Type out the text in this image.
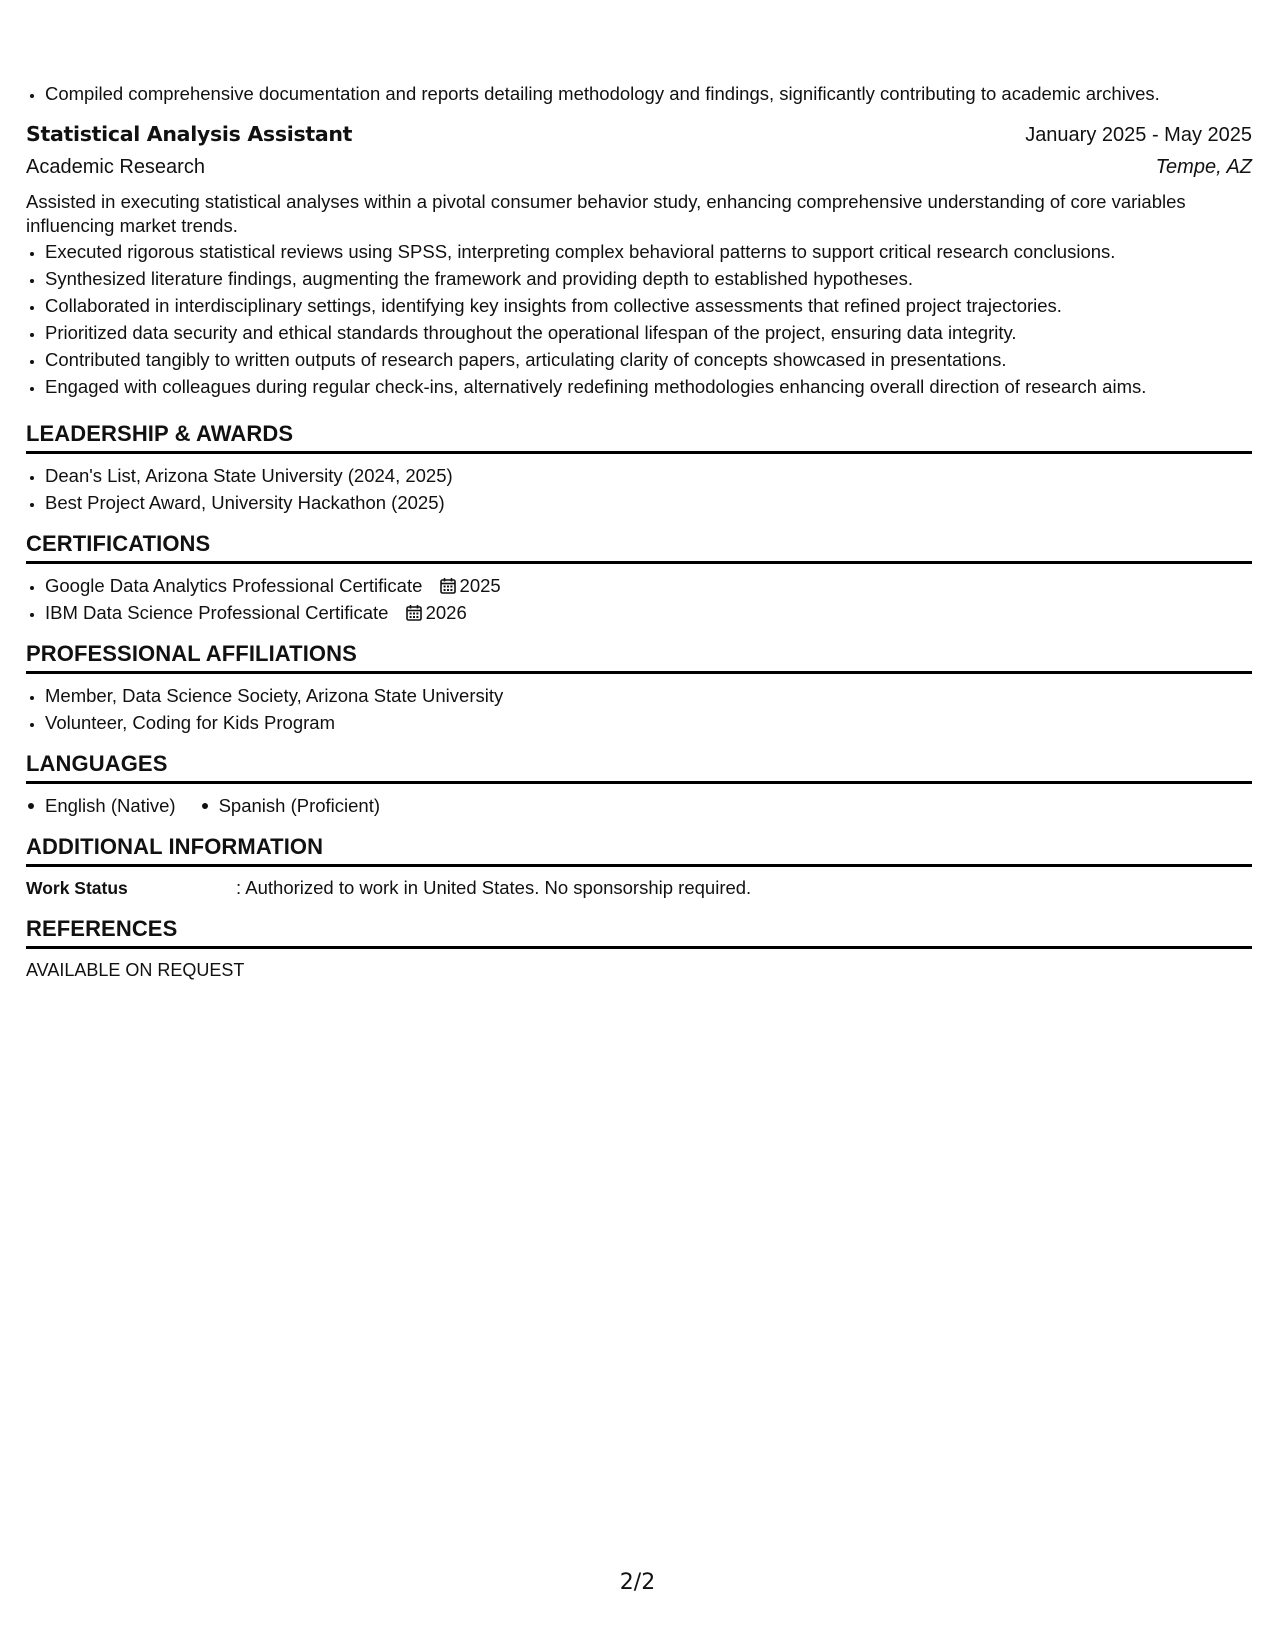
• Compiled comprehensive documentation and reports detailing methodology and findings, significantly contributing to academic archives.
Statistical Analysis Assistant	January 2025 - May 2025
Academic Research	Tempe, AZ
Assisted in executing statistical analyses within a pivotal consumer behavior study, enhancing comprehensive understanding of core variables influencing market trends.
• Executed rigorous statistical reviews using SPSS, interpreting complex behavioral patterns to support critical research conclusions.
• Synthesized literature findings, augmenting the framework and providing depth to established hypotheses.
• Collaborated in interdisciplinary settings, identifying key insights from collective assessments that refined project trajectories.
• Prioritized data security and ethical standards throughout the operational lifespan of the project, ensuring data integrity.
• Contributed tangibly to written outputs of research papers, articulating clarity of concepts showcased in presentations.
• Engaged with colleagues during regular check-ins, alternatively redefining methodologies enhancing overall direction of research aims.
LEADERSHIP & AWARDS
• Dean's List, Arizona State University (2024, 2025)
• Best Project Award, University Hackathon (2025)
CERTIFICATIONS
• Google Data Analytics Professional Certificate 2025
• IBM Data Science Professional Certificate 2026
PROFESSIONAL AFFILIATIONS
• Member, Data Science Society, Arizona State University
• Volunteer, Coding for Kids Program
LANGUAGES
English (Native)	Spanish (Proficient)
ADDITIONAL INFORMATION
Work Status	: Authorized to work in United States. No sponsorship required.
REFERENCES
AVAILABLE ON REQUEST
2/2
